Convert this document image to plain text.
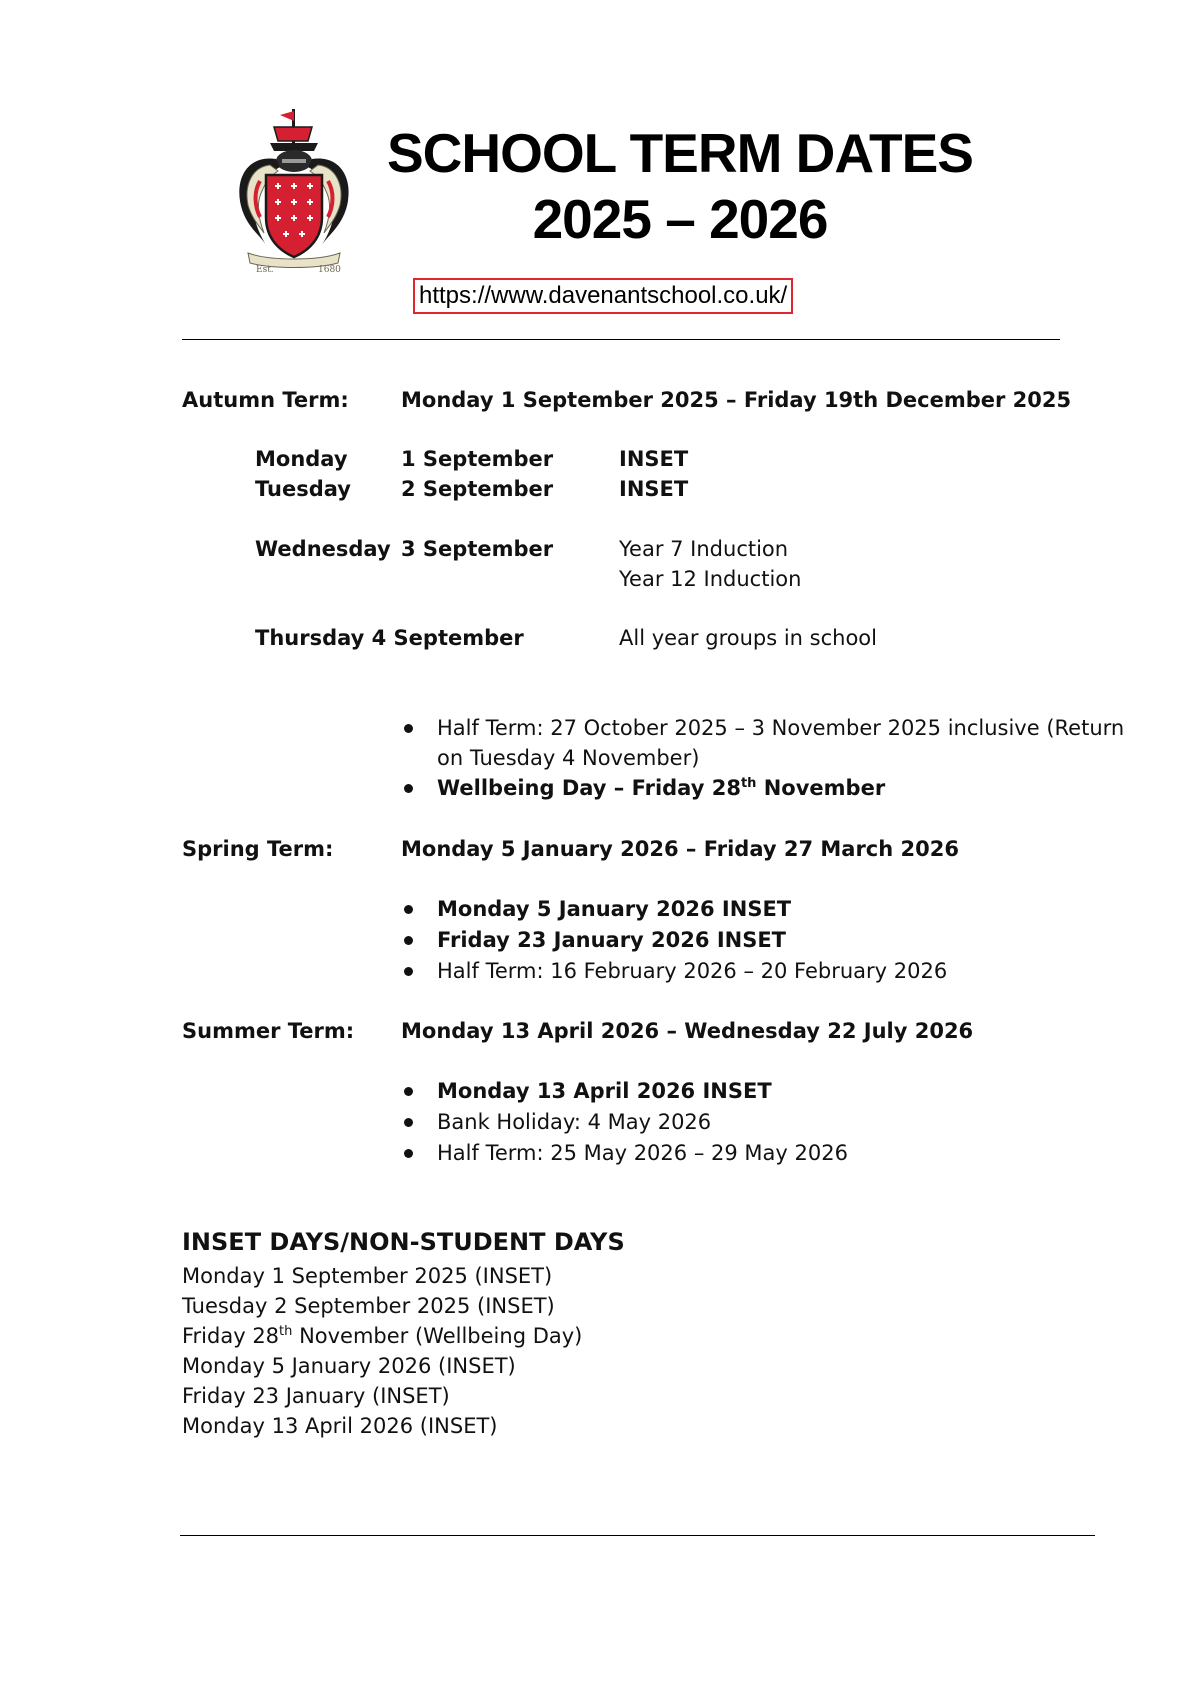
Est.	1680
SCHOOL TERM DATES
2025 – 2026
https://www.davenantschool.co.uk/
Autumn Term: Monday 1 September 2025 – Friday 19th December 2025
Monday	1 September	INSET
Tuesday 2 September	INSET
Wednesday 3 September	Year 7 Induction
Year 12 Induction
Thursday 4 September	All year groups in school
Half Term: 27 October 2025 – 3 November 2025 inclusive (Return
on Tuesday 4 November)
Wellbeing Day – Friday 28th November
Spring Term:	Monday 5 January 2026 – Friday 27 March 2026
Monday 5 January 2026 INSET
Friday 23 January 2026 INSET
Half Term: 16 February 2026 – 20 February 2026
Summer Term: Monday 13 April 2026 – Wednesday 22 July 2026
Monday 13 April 2026 INSET
Bank Holiday: 4 May 2026
Half Term: 25 May 2026 – 29 May 2026
INSET DAYS/NON-STUDENT DAYS
Monday 1 September 2025 (INSET)
Tuesday 2 September 2025 (INSET)
Friday 28th November (Wellbeing Day)
Monday 5 January 2026 (INSET)
Friday 23 January (INSET)
Monday 13 April 2026 (INSET)
